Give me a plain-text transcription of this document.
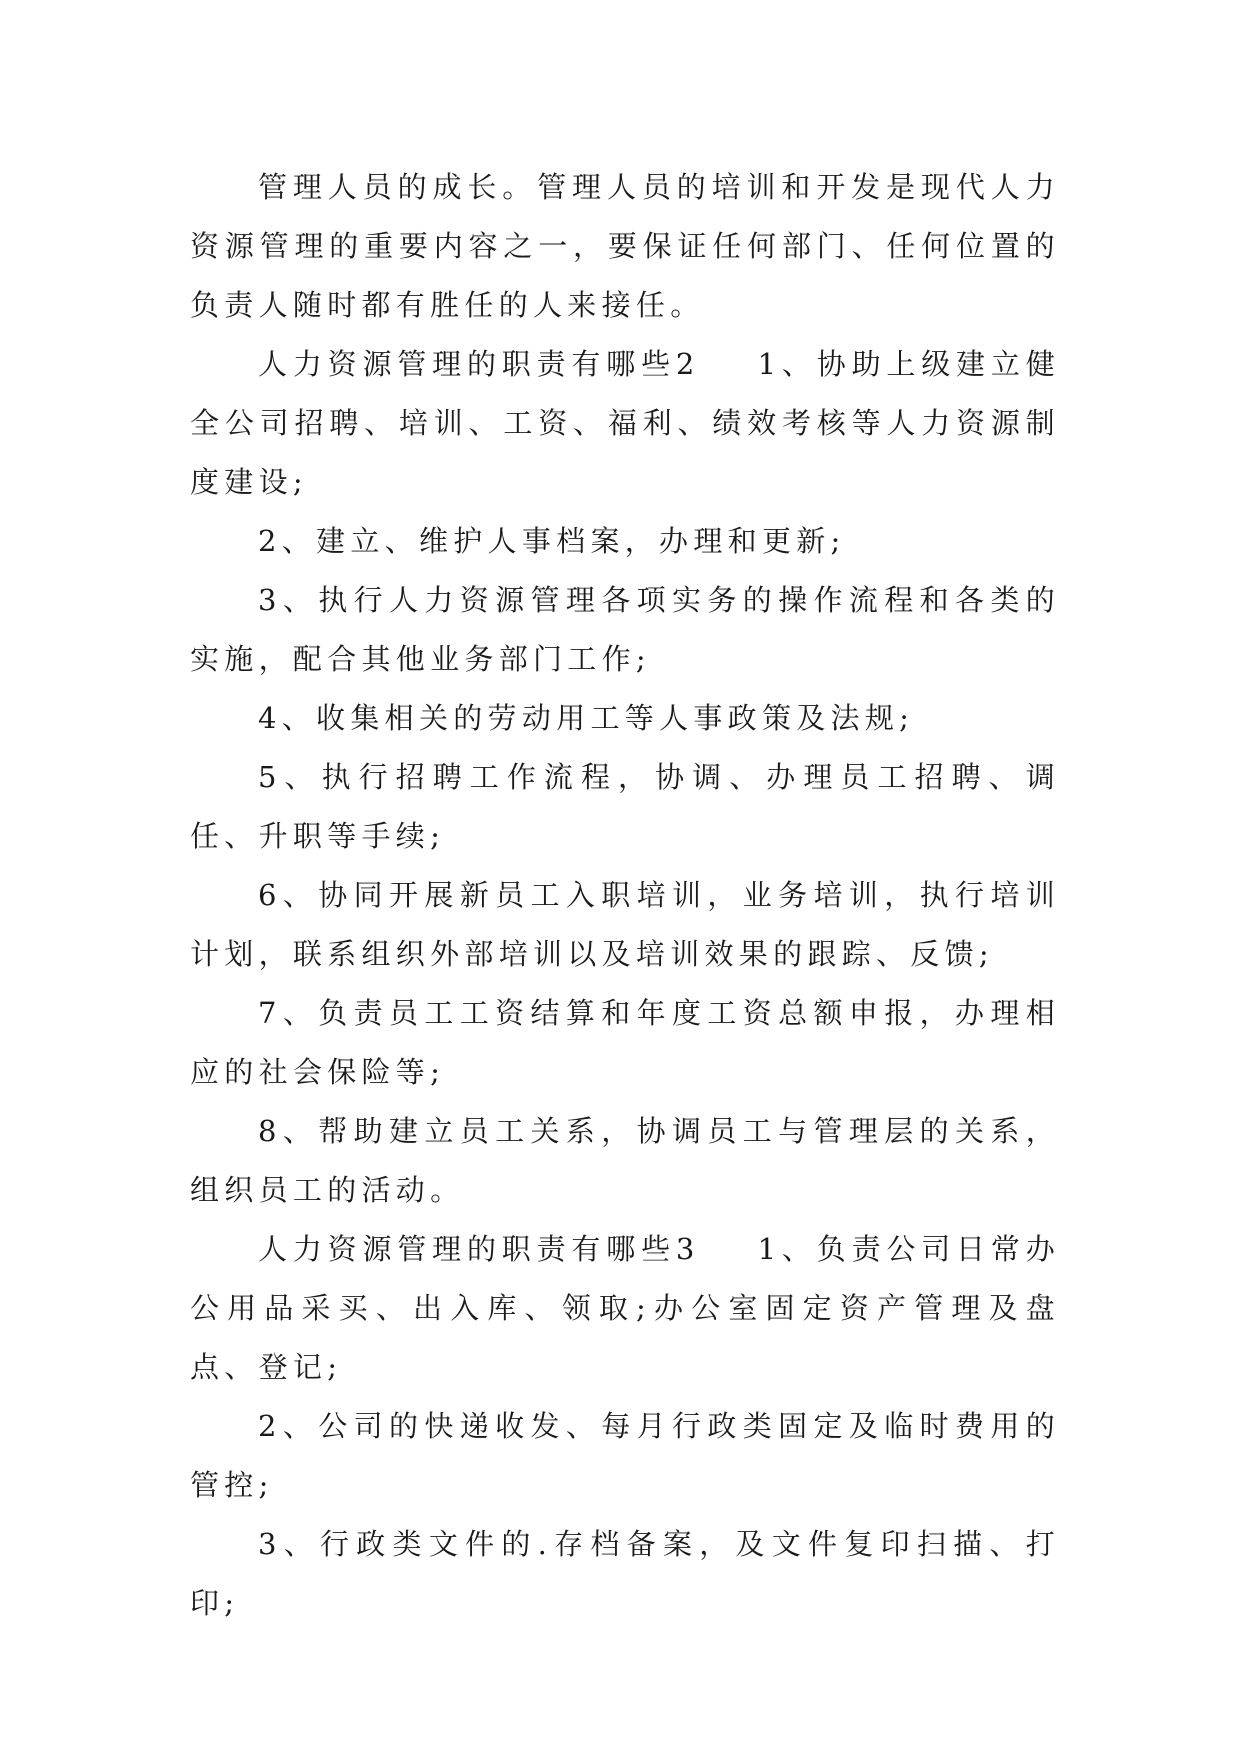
管理人员的成长。管理人员的培训和开发是现代人力资源管理的重要内容之一，要保证任何部门、任何位置的负责人随时都有胜任的人来接任。

人力资源管理的职责有哪些2 1、协助上级建立健全公司招聘、培训、工资、福利、绩效考核等人力资源制度建设;

2、建立、维护人事档案，办理和更新;

3、执行人力资源管理各项实务的操作流程和各类的实施，配合其他业务部门工作;

4、收集相关的劳动用工等人事政策及法规;

5、执行招聘工作流程，协调、办理员工招聘、调任、升职等手续;

6、协同开展新员工入职培训，业务培训，执行培训计划，联系组织外部培训以及培训效果的跟踪、反馈;

7、负责员工工资结算和年度工资总额申报，办理相应的社会保险等;

8、帮助建立员工关系，协调员工与管理层的关系，组织员工的活动。

人力资源管理的职责有哪些3 1、负责公司日常办公用品采买、出入库、领取;办公室固定资产管理及盘点、登记;

2、公司的快递收发、每月行政类固定及临时费用的管控;

3、行政类文件的.存档备案，及文件复印扫描、打印;
